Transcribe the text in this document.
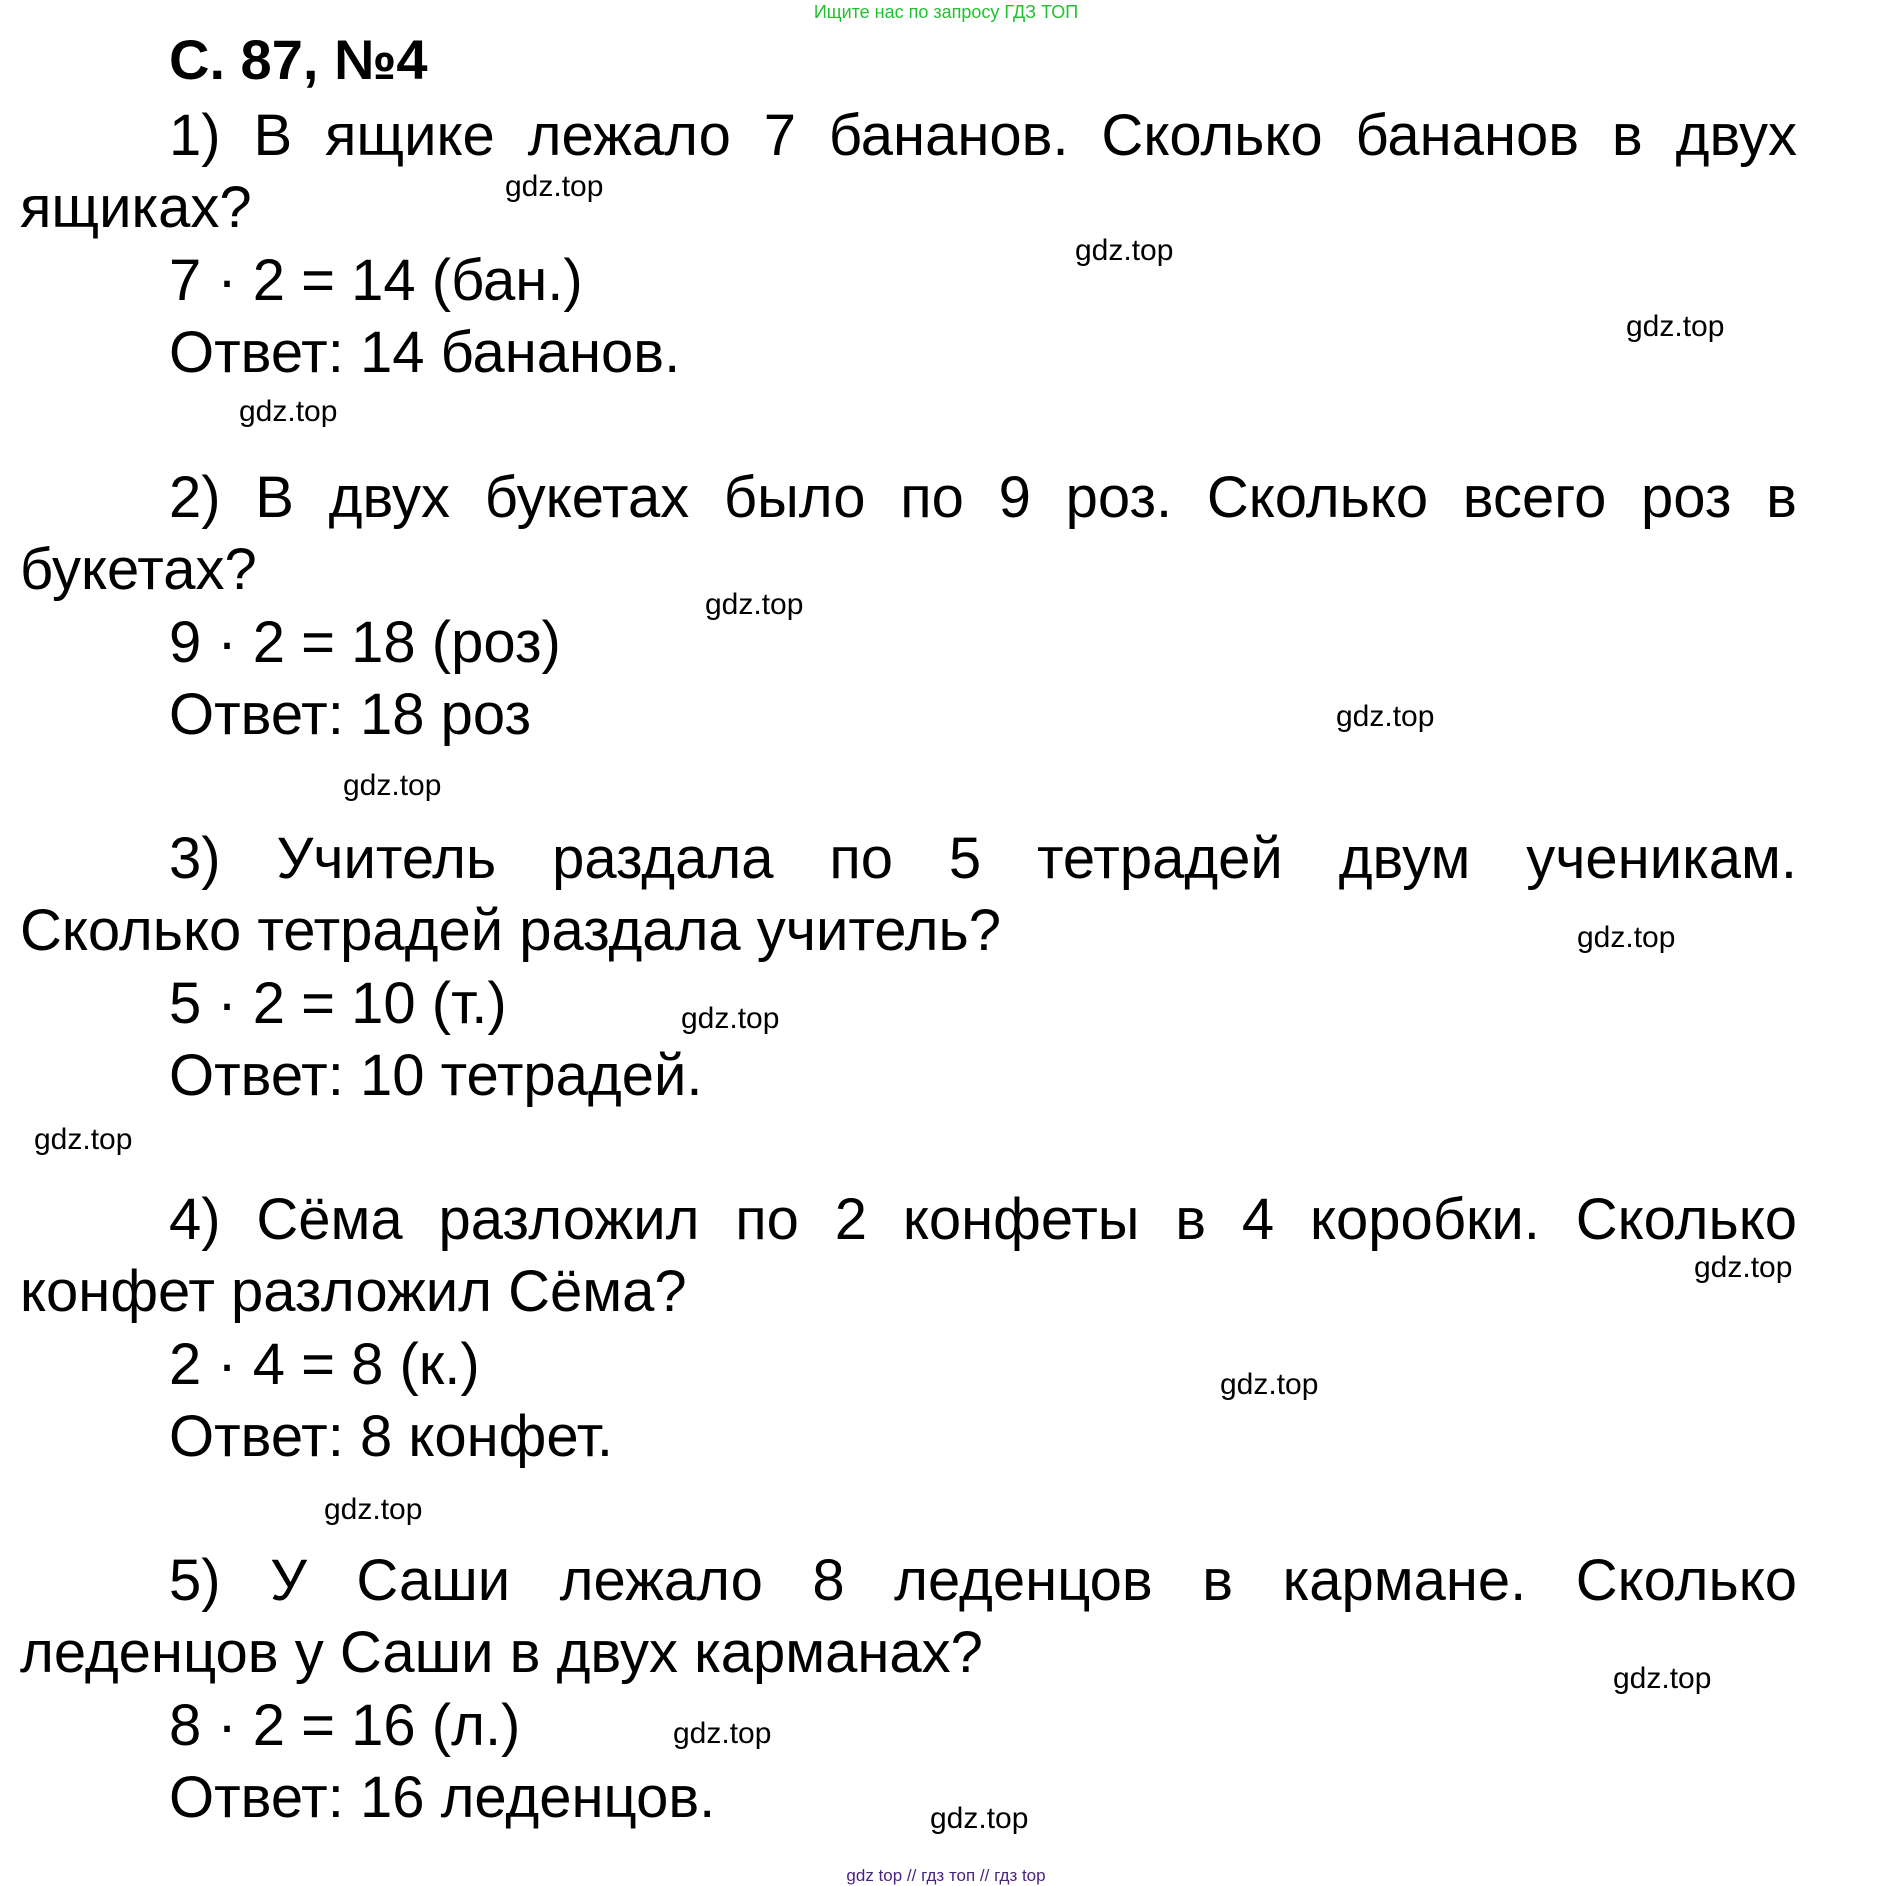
Ищите нас по запросу ГДЗ ТОП
С. 87, №4
1) В ящике лежало 7 бананов. Сколько бананов в двух
ящиках?
7 · 2 = 14 (бан.)
Ответ: 14 бананов.
2) В двух букетах было по 9 роз. Сколько всего роз в
букетах?
9 · 2 = 18 (роз)
Ответ: 18 роз
3) Учитель раздала по 5 тетрадей двум ученикам.
Сколько тетрадей раздала учитель?
5 · 2 = 10 (т.)
Ответ: 10 тетрадей.
4) Сёма разложил по 2 конфеты в 4 коробки. Сколько
конфет разложил Сёма?
2 · 4 = 8 (к.)
Ответ: 8 конфет.
5) У Саши лежало 8 леденцов в кармане. Сколько
леденцов у Саши в двух карманах?
8 · 2 = 16 (л.)
Ответ: 16 леденцов.
gdz.top
gdz.top
gdz.top
gdz.top
gdz.top
gdz.top
gdz.top
gdz.top
gdz.top
gdz.top
gdz.top
gdz.top
gdz.top
gdz.top
gdz.top
gdz.top
gdz top // гдз топ // гдз top
